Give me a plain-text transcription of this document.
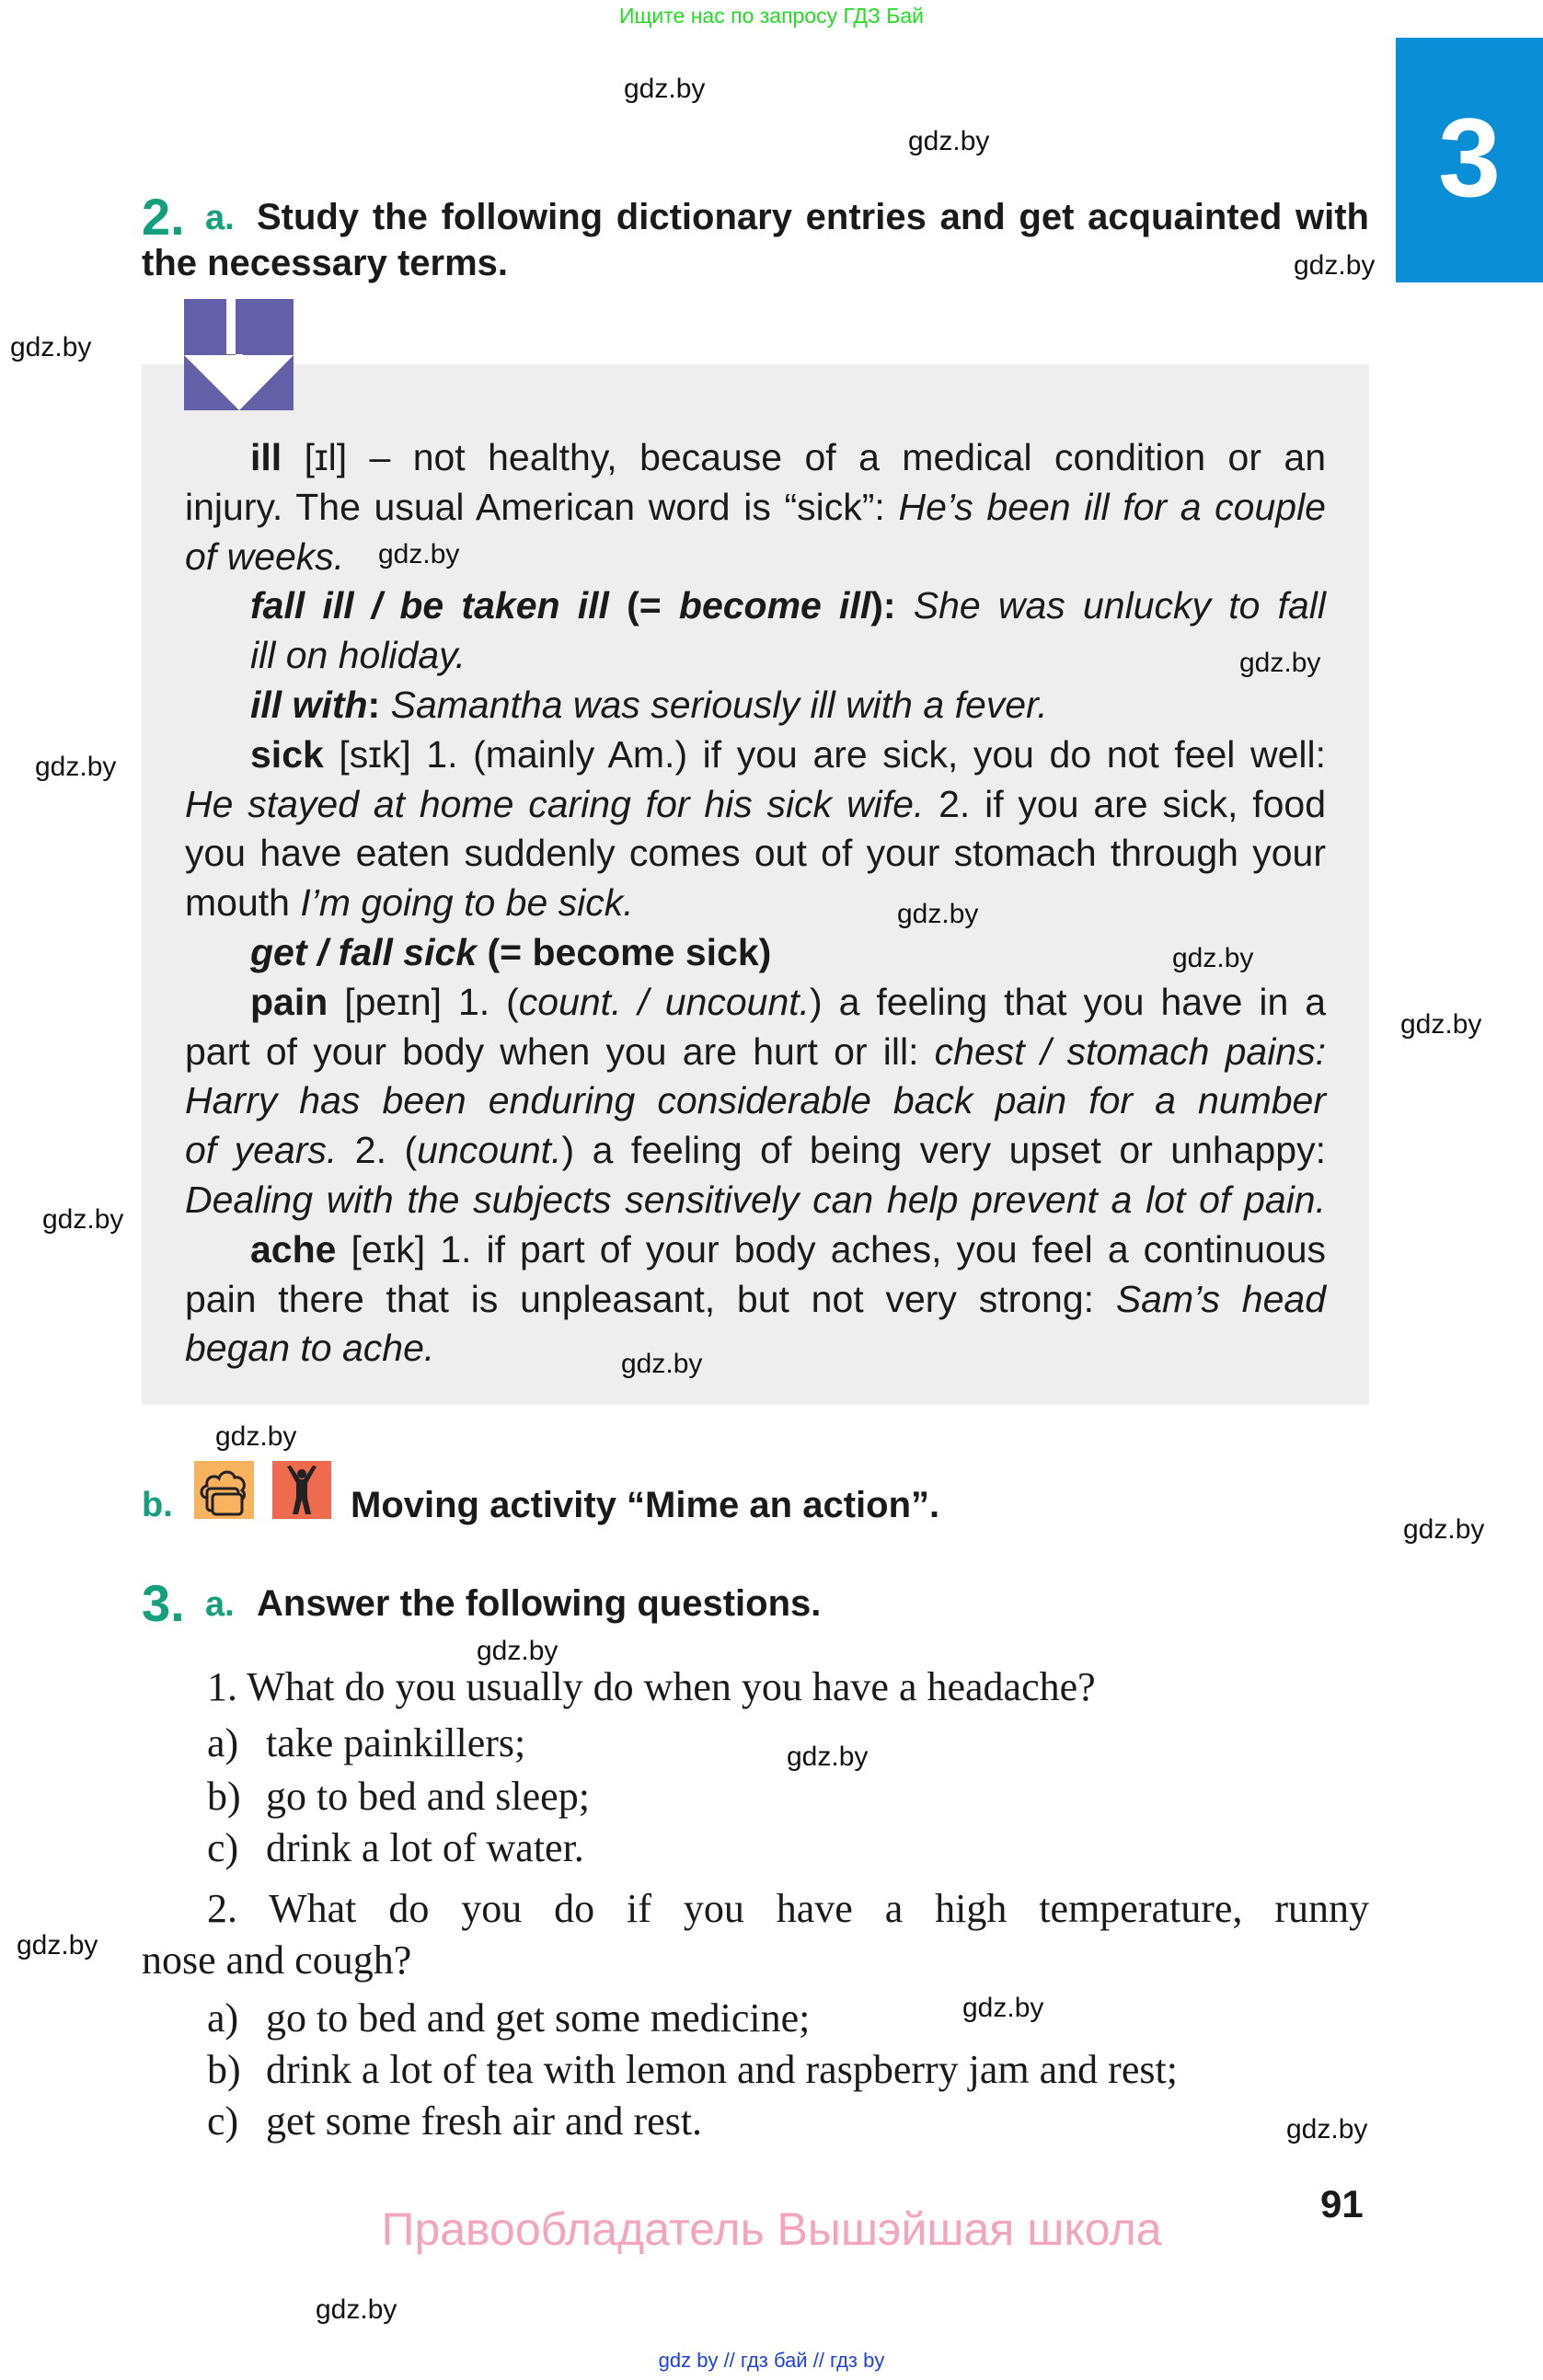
Ищите нас по запросу ГДЗ Бай
3
2. a. Study the following dictionary entries and get acquainted with
the necessary terms.
b.	Moving activity “Mime an action”.
3. a. Answer the following questions.
1. What do you usually do when you have a headache?
a) take painkillers;
b) go to bed and sleep;
c) drink a lot of water.
2. What do you do if you have a high temperature, runny
nose and cough?
a) go to bed and get some medicine;
b) drink a lot of tea with lemon and raspberry jam and rest;
c) get some fresh air and rest.
91
Правообладатель Вышэйшая школа
gdz by // гдз бай // гдз by
gdz.by
gdz.by
gdz.by
gdz.by
gdz.by
gdz.by
gdz.by
gdz.by
gdz.by
gdz.by
gdz.by
gdz.by
gdz.by
gdz.by
gdz.by
gdz.by
gdz.by
gdz.by
gdz.by
gdz.by
ill [ɪl] – not healthy, because of a medical condition or an
injury. The usual American word is “sick”: He’s been ill for a couple
of weeks.
fall ill / be taken ill (= become ill): She was unlucky to fall
ill on holiday.
ill with: Samantha was seriously ill with a fever.
sick [sɪk] 1. (mainly Am.) if you are sick, you do not feel well:
He stayed at home caring for his sick wife. 2. if you are sick, food
you have eaten suddenly comes out of your stomach through your
mouth I’m going to be sick.
get / fall sick (= become sick)
pain [peɪn] 1. (count. / uncount.) a feeling that you have in a
part of your body when you are hurt or ill: chest / stomach pains:
Harry has been enduring considerable back pain for a number
of years. 2. (uncount.) a feeling of being very upset or unhappy:
Dealing with the subjects sensitively can help prevent a lot of pain.
ache [eɪk] 1. if part of your body aches, you feel a continuous
pain there that is unpleasant, but not very strong: Sam’s head
began to ache.
